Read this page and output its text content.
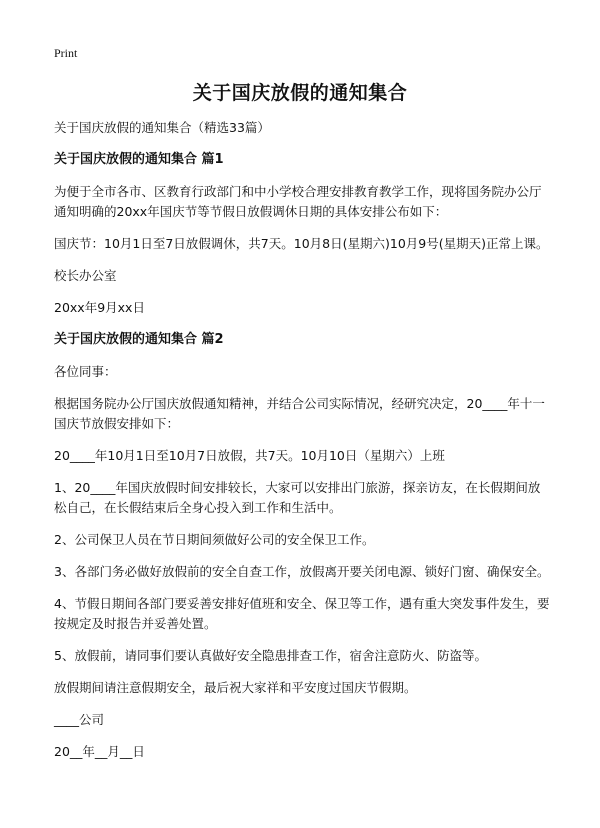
Print
关于国庆放假的通知集合

关于国庆放假的通知集合（精选33篇）

关于国庆放假的通知集合 篇1

为便于全市各市、区教育行政部门和中小学校合理安排教育教学工作，现将国务院办公厅通知明确的20xx年国庆节等节假日放假调休日期的具体安排公布如下：

国庆节：10月1日至7日放假调休，共7天。10月8日(星期六)10月9号(星期天)正常上课。

校长办公室

20xx年9月xx日

关于国庆放假的通知集合 篇2

各位同事：

根据国务院办公厅国庆放假通知精神，并结合公司实际情况，经研究决定，20____年十一国庆节放假安排如下：

20____年10月1日至10月7日放假，共7天。10月10日（星期六）上班

1、20____年国庆放假时间安排较长，大家可以安排出门旅游，探亲访友，在长假期间放松自己，在长假结束后全身心投入到工作和生活中。

2、公司保卫人员在节日期间须做好公司的安全保卫工作。

3、各部门务必做好放假前的安全自查工作，放假离开要关闭电源、锁好门窗、确保安全。

4、节假日期间各部门要妥善安排好值班和安全、保卫等工作，遇有重大突发事件发生，要按规定及时报告并妥善处置。

5、放假前，请同事们要认真做好安全隐患排查工作，宿舍注意防火、防盗等。

放假期间请注意假期安全，最后祝大家祥和平安度过国庆节假期。

____公司

20__年__月__日
